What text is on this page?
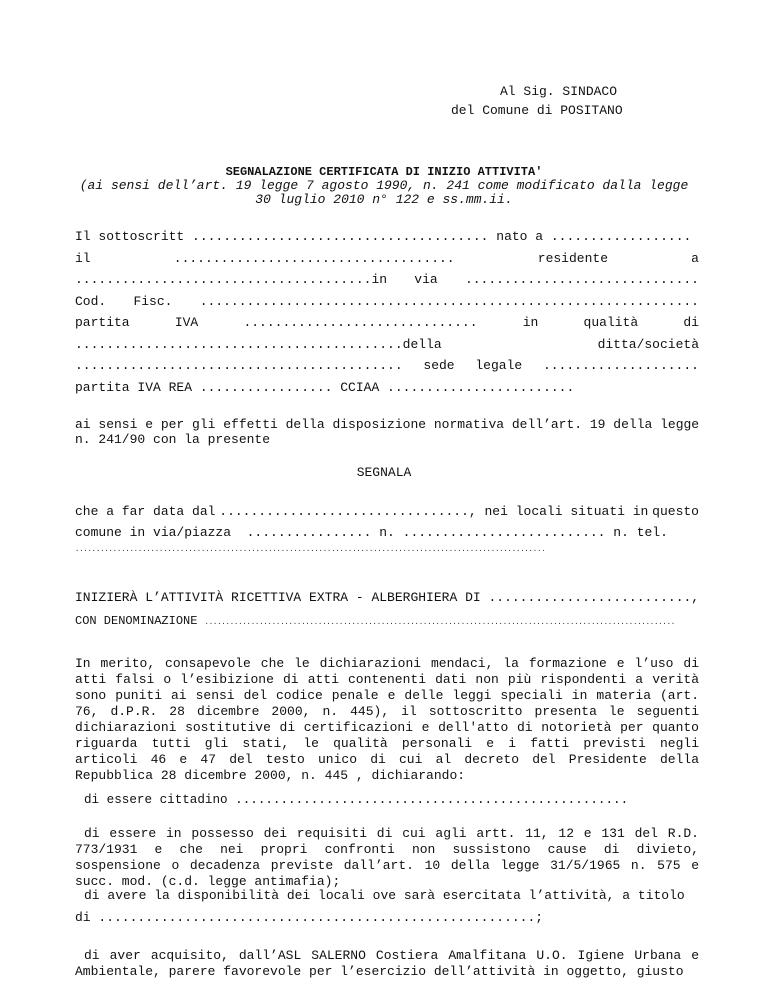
Al Sig. SINDACO
del Comune di POSITANO
SEGNALAZIONE CERTIFICATA DI INIZIO ATTIVITA'
(ai sensi dell’art. 19 legge 7 agosto 1990, n. 241 come modificato dalla legge
30 luglio 2010 n° 122 e ss.mm.ii.
Il sottoscritt ...................................... nato a ..................
il	....................................	residente	a
......................................in via ..............................
Cod. Fisc. ................................................................
partita	IVA	..............................	in	qualità	di
..........................................della	ditta/società
.......................................... sede legale ....................
partita IVA REA ................. CCIAA ........................
ai sensi e per gli effetti della disposizione normativa dell’art. 19 della legge
n. 241/90 con la presente
SEGNALA
che a far data dal ................................, nei locali situati in questo
comune in via/piazza  ................ n. .......................... n. tel.
................................................................................................................
INIZIERÀ L’ATTIVITÀ RICETTIVA EXTRA - ALBERGHIERA DI ..........................,
CON DENOMINAZIONE ................................................................................................................
In merito, consapevole che le dichiarazioni mendaci, la formazione e l’uso di atti falsi o l’esibizione di atti contenenti dati non più rispondenti a verità sono puniti ai sensi del codice penale e delle leggi speciali in materia (art. 76, d.P.R. 28 dicembre 2000, n. 445), il sottoscritto presenta le seguenti dichiarazioni sostitutive di certificazioni e dell'atto di notorietà per quanto riguarda tutti gli stati, le qualità personali e i fatti previsti negli articoli 46 e 47 del testo unico di cui al decreto del Presidente della Repubblica 28 dicembre 2000, n. 445 , dichiarando:
di essere cittadino ....................................................
di essere in possesso dei requisiti di cui agli artt. 11, 12 e 131 del R.D. 773/1931 e che nei propri confronti non sussistono cause di divieto, sospensione o decadenza previste dall’art. 10 della legge 31/5/1965 n. 575 e succ. mod. (c.d. legge antimafia);
di avere la disponibilità dei locali ove sarà esercitata l’attività, a titolo
di ........................................................;
di aver acquisito, dall’ASL SALERNO Costiera Amalfitana U.O. Igiene Urbana e Ambientale, parere favorevole per l’esercizio dell’attività in oggetto, giusto
